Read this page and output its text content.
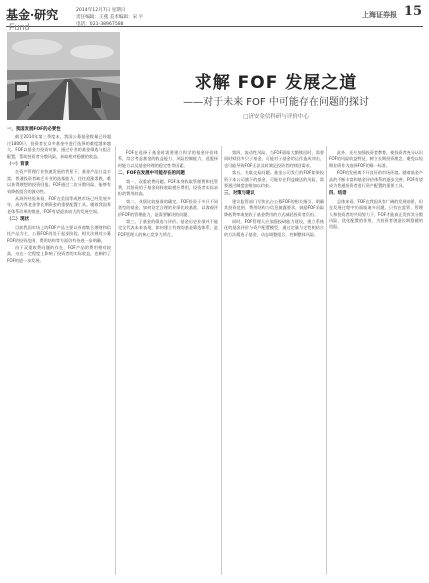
基金·研究
Fund
2014年12月7日 星期日
责任编辑：王燕 美术编辑：宋 宇
电话：021-38967588
上海证券报 15
求解 FOF 发展之道
——对于未来 FOF 中可能存在问题的探讨
□济安金信科研与评价中心
一、我国发展FOF的必要性

截至2014年第三季度末，我国公募基金数量已经超过1800只，投资者在众多基金中进行选择的难度越来越大。FOF以基金为投资对象，通过专业的基金筛选与组合配置，帮助投资者分散风险，获取相对稳健的收益。

（一）背景

在资产管理行业快速发展的背景下，基金产品日益丰富，普通投资者缺乏专业的选基能力，往往追涨杀跌，难以获得理想的投资回报。FOF通过二次分散风险，能够有效降低组合的波动性。

从海外经验来看，FOF在美国等成熟市场已经发展多年，成为养老金等长期资金的重要配置工具。随着我国养老体系改革的推进，FOF有望迎来较大的发展空间。

（二）现状

目前我国市场上的FOF产品主要以券商集合理财和信托产品为主，公募FOF尚处于起步阶段。相关法规对公募FOF的投资范围、费用结构等方面仍有待进一步明确。

由于双重收费问题的存在，FOF产品的费用相对较高，这在一定程度上影响了投资者的实际收益，也制约了FOF的进一步发展。

FOF在选择子基金时需要建立科学的基金评价体系，综合考虑基金的收益能力、风险控制能力、选股择时能力以及基金经理的稳定性等因素。

二、FOF在发展中可能存在的问题

第一，双重收费问题。FOF本身收取管理费和托管费，其投资的子基金同样收取相应费用，投资者实际承担的费用较高。

第二，业绩比较基准的确定。FOF投资于多只不同类型的基金，如何设定合理的业绩比较基准，以客观评价FOF的管理能力，是需要解决的问题。

第三，子基金的筛选与评价。基金历史业绩并不能完全代表未来表现，如何建立有效的基金筛选体系，是FOF管理人的核心竞争力所在。

第四，流动性风险。当FOF面临大额赎回时，需要同时赎回多只子基金，可能对子基金的运作造成冲击，也可能导致FOF无法及时满足投资者的赎回需求。

第五，关联交易问题。基金公司发行的FOF如果投资于本公司旗下的基金，可能存在利益输送的风险，需要通过制度安排加以约束。

三、对策与建议

建议监管部门尽快出台公募FOF的相关指引，明确其投资范围、费用结构与信息披露要求，鼓励FOF采取降低费率或免收子基金费用的方式减轻投资者负担。

同时，FOF管理人应加强投研能力建设，建立系统化的基金评价与资产配置模型，通过定量与定性相结合的方法精选子基金，动态调整组合，控制整体风险。

此外，还应加强投资者教育，使投资者充分认识FOF的风险收益特征，树立长期投资理念，避免以短期业绩作为选择FOF的唯一标准。

FOF的发展离不开良好的市场环境。随着基金产品的不断丰富和基金评价体系的逐步完善，FOF有望成为普通投资者进行资产配置的重要工具。

四、结语

总体来看，FOF在我国具有广阔的发展前景，但在发展过程中仍面临诸多问题。只有在监管、管理人和投资者的共同努力下，FOF才能真正发挥其分散风险、优化配置的作用，为投资者创造长期稳健的回报。
